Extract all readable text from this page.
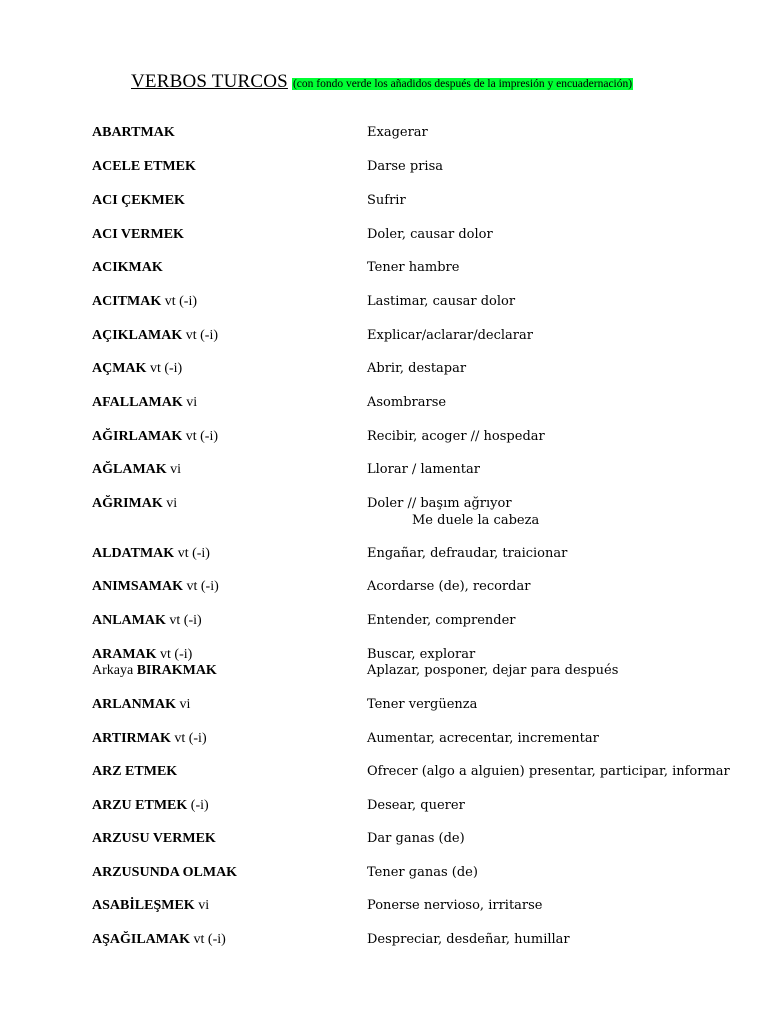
VERBOS TURCOS (con fondo verde los añadidos después de la impresión y encuadernación)
ABARTMAK	Exagerar
ACELE ETMEK	Darse prisa
ACI ÇEKMEK	Sufrir
ACI VERMEK	Doler, causar dolor
ACIKMAK	Tener hambre
ACITMAK vt (-i)	Lastimar, causar dolor
AÇIKLAMAK vt (-i)	Explicar/aclarar/declarar
AÇMAK vt (-i)	Abrir, destapar
AFALLAMAK vi	Asombrarse
AĞIRLAMAK vt (-i)	Recibir, acoger // hospedar
AĞLAMAK vi	Llorar / lamentar
AĞRIMAK vi	Doler // başım ağrıyor
Me duele la cabeza
ALDATMAK vt (-i)	Engañar, defraudar, traicionar
ANIMSAMAK vt (-i)	Acordarse (de), recordar
ANLAMAK vt (-i)	Entender, comprender
ARAMAK vt (-i)	Buscar, explorar
Arkaya BIRAKMAK	Aplazar, posponer, dejar para después
ARLANMAK vi	Tener vergüenza
ARTIRMAK vt (-i)	Aumentar, acrecentar, incrementar
ARZ ETMEK	Ofrecer (algo a alguien) presentar, participar, informar
ARZU ETMEK (-i)	Desear, querer
ARZUSU VERMEK	Dar ganas (de)
ARZUSUNDA OLMAK	Tener ganas (de)
ASABİLEŞMEK vi	Ponerse nervioso, irritarse
AŞAĞILAMAK vt (-i)	Despreciar, desdeñar, humillar
